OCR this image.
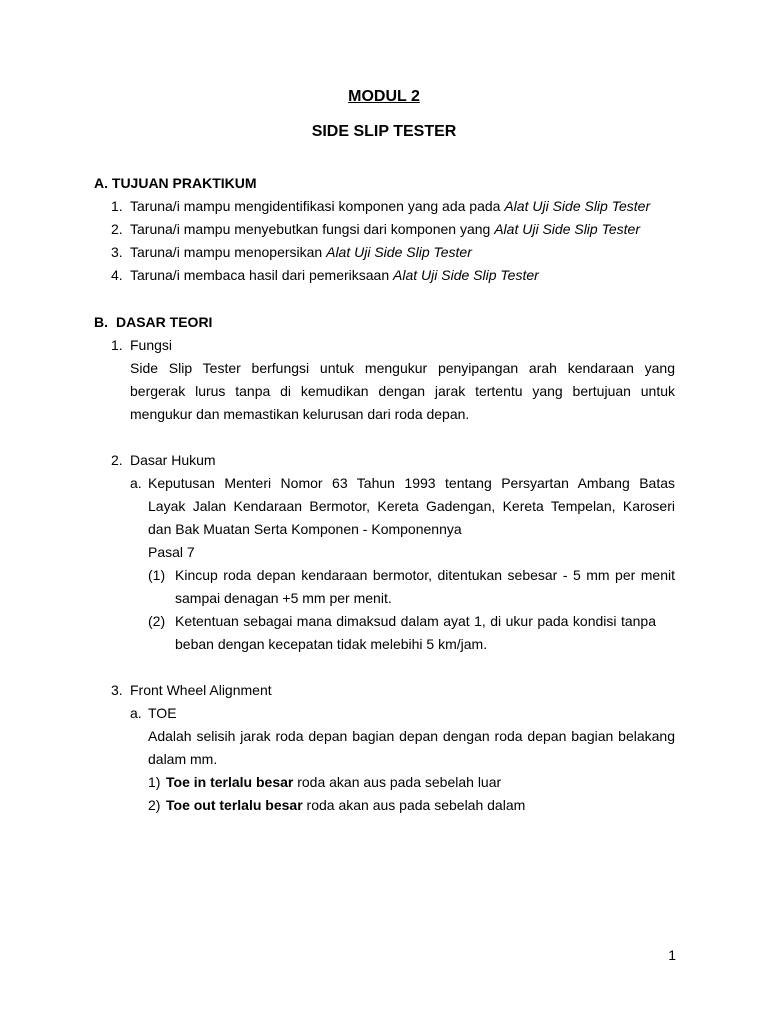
MODUL 2
SIDE SLIP TESTER
A. TUJUAN PRAKTIKUM
1. Taruna/i mampu mengidentifikasi komponen yang ada pada Alat Uji Side Slip Tester
2. Taruna/i mampu menyebutkan fungsi dari komponen yang Alat Uji Side Slip Tester
3. Taruna/i mampu menopersikan Alat Uji Side Slip Tester
4. Taruna/i membaca hasil dari pemeriksaan Alat Uji Side Slip Tester
B. DASAR TEORI
1. Fungsi
Side Slip Tester berfungsi untuk mengukur penyipangan arah kendaraan yang
bergerak lurus tanpa di kemudikan dengan jarak tertentu yang bertujuan untuk
mengukur dan memastikan kelurusan dari roda depan.
2. Dasar Hukum
a. Keputusan Menteri Nomor 63 Tahun 1993 tentang Persyartan Ambang Batas
Layak Jalan Kendaraan Bermotor, Kereta Gadengan, Kereta Tempelan, Karoseri
dan Bak Muatan Serta Komponen - Komponennya
Pasal 7
(1) Kincup roda depan kendaraan bermotor, ditentukan sebesar - 5 mm per menit
sampai denagan +5 mm per menit.
(2) Ketentuan sebagai mana dimaksud dalam ayat 1, di ukur pada kondisi tanpa
beban dengan kecepatan tidak melebihi 5 km/jam.
3. Front Wheel Alignment
a. TOE
Adalah selisih jarak roda depan bagian depan dengan roda depan bagian belakang
dalam mm.
1) Toe in terlalu besar roda akan aus pada sebelah luar
2) Toe out terlalu besar roda akan aus pada sebelah dalam
1
